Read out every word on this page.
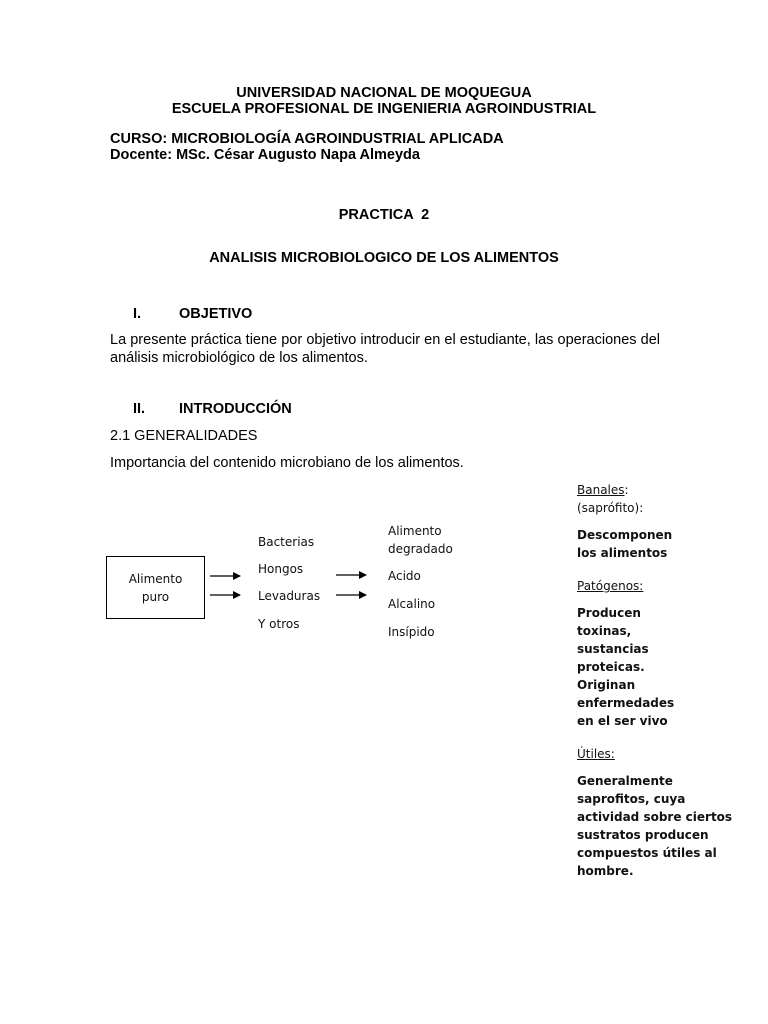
UNIVERSIDAD NACIONAL DE MOQUEGUA
ESCUELA PROFESIONAL DE INGENIERIA AGROINDUSTRIAL
CURSO: MICROBIOLOGÍA AGROINDUSTRIAL APLICADA
Docente: MSc. César Augusto Napa Almeyda
PRACTICA  2
ANALISIS MICROBIOLOGICO DE LOS ALIMENTOS
I.	OBJETIVO
La presente práctica tiene por objetivo introducir en el estudiante, las operaciones del
análisis microbiológico de los alimentos.
II. INTRODUCCIÓN
2.1 GENERALIDADES
Importancia del contenido microbiano de los alimentos.
Alimento
puro
Bacterias
Hongos
Levaduras
Y otros
Alimento
degradado
Acido
Alcalino
Insípido
Banales:
(saprófito):
Descomponen
los alimentos
Patógenos:
Producen
toxinas,
sustancias
proteicas.
Originan
enfermedades
en el ser vivo
Útiles:
Generalmente
saprofitos, cuya
actividad sobre ciertos
sustratos producen
compuestos útiles al
hombre.
